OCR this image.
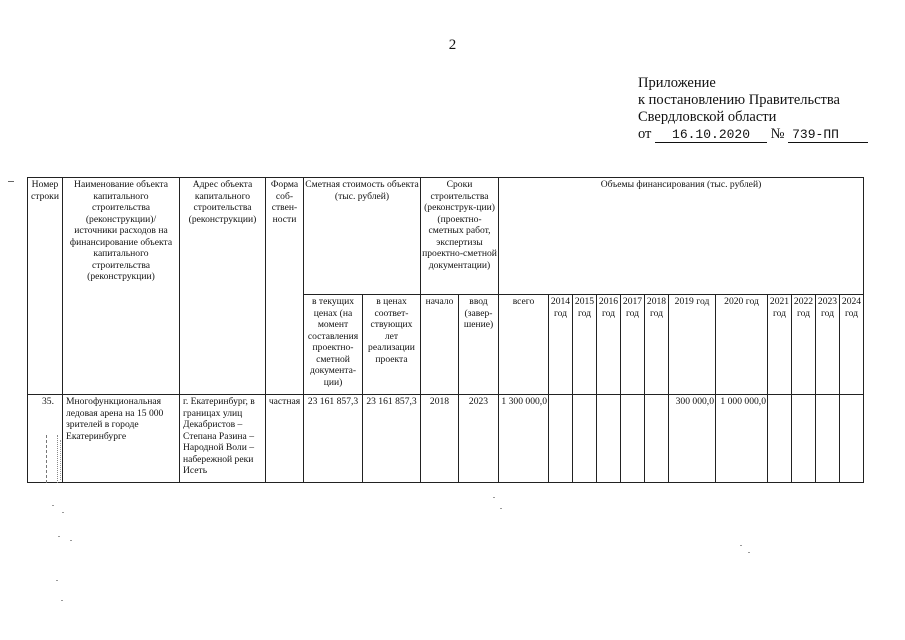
2
Приложение
к постановлению Правительства
Свердловской области
от 16.10.2020 № 739-ПП
Номер строки	Наименование объекта капитального строительства (реконструкции)/ источники расходов на финансирование объекта капитального строительства (реконструкции)	Адрес объекта капитального строительства (реконструкции)	Форма соб-ствен-ности	Сметная стоимость объекта (тыс. рублей)		Сроки строительства (реконструк-ции) (проектно-сметных работ, экспертизы проектно-сметной документации)		Объемы финансирования (тыс. рублей)											
				в текущих ценах (на момент составления проектно-сметной документа-ции)	в ценах соответ-ствующих лет реализации проекта	начало	ввод (завер-шение)	всего	2014 год	2015 год	2016 год	2017 год	2018 год	2019 год	2020 год	2021 год	2022 год	2023 год	2024 год
35.	Многофункциональная ледовая арена на 15 000 зрителей в городе Екатеринбурге	г. Екатеринбург, в границах улиц Декабристов – Степана Разина – Народной Воли – набережной реки Исеть	частная	23 161 857,3	23 161 857,3	2018	2023	1 300 000,0						300 000,0	1 000 000,0				
